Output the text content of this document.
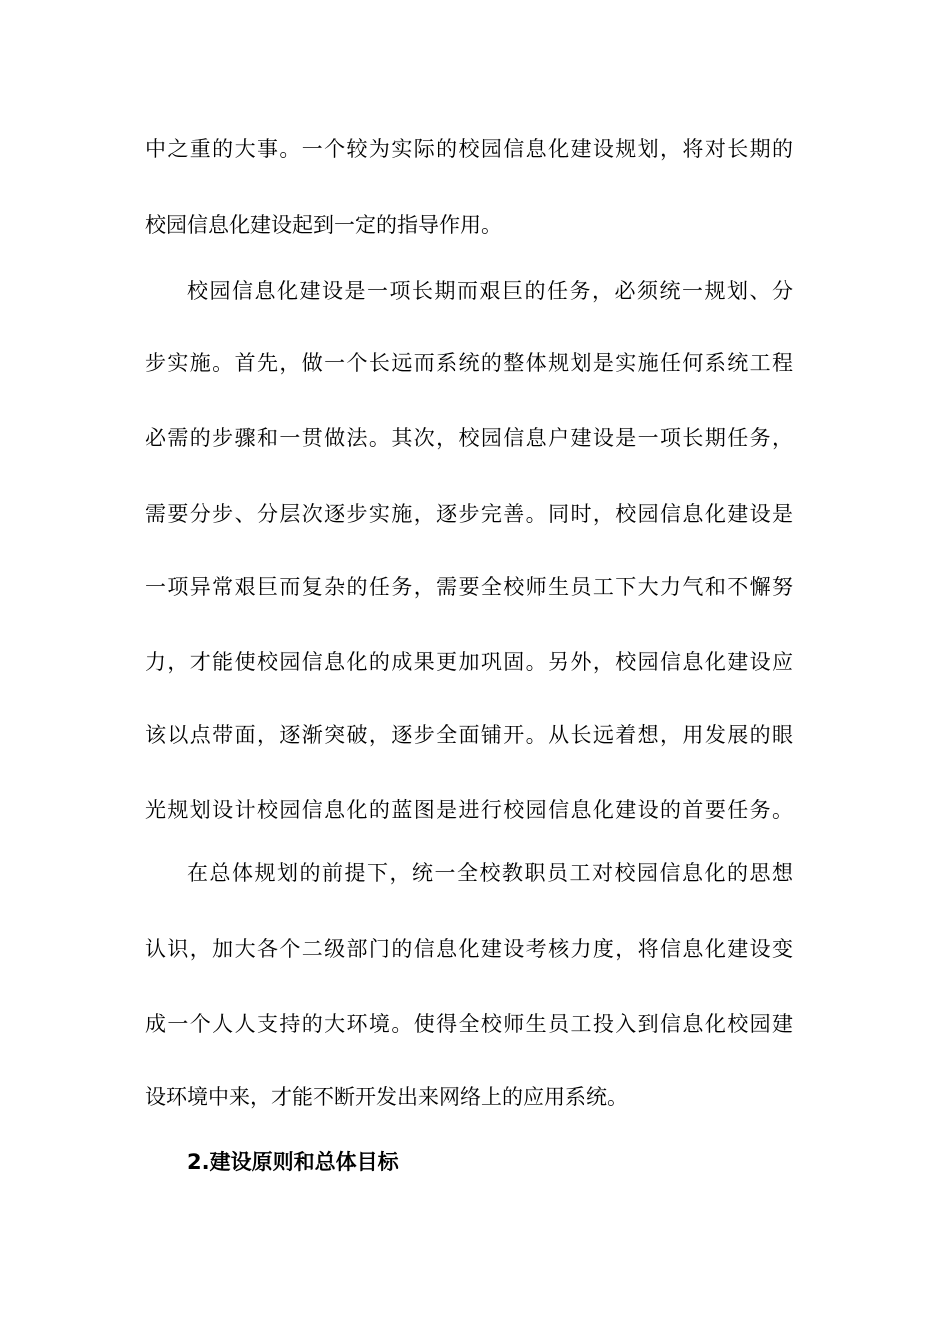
中之重的大事。一个较为实际的校园信息化建设规划，将对长期的
校园信息化建设起到一定的指导作用。
校园信息化建设是一项长期而艰巨的任务，必须统一规划、分
步实施。首先，做一个长远而系统的整体规划是实施任何系统工程
必需的步骤和一贯做法。其次，校园信息户建设是一项长期任务，
需要分步、分层次逐步实施，逐步完善。同时，校园信息化建设是
一项异常艰巨而复杂的任务，需要全校师生员工下大力气和不懈努
力，才能使校园信息化的成果更加巩固。另外，校园信息化建设应
该以点带面，逐渐突破，逐步全面铺开。从长远着想，用发展的眼
光规划设计校园信息化的蓝图是进行校园信息化建设的首要任务。
在总体规划的前提下，统一全校教职员工对校园信息化的思想
认识，加大各个二级部门的信息化建设考核力度，将信息化建设变
成一个人人支持的大环境。使得全校师生员工投入到信息化校园建
设环境中来，才能不断开发出来网络上的应用系统。
2.建设原则和总体目标
